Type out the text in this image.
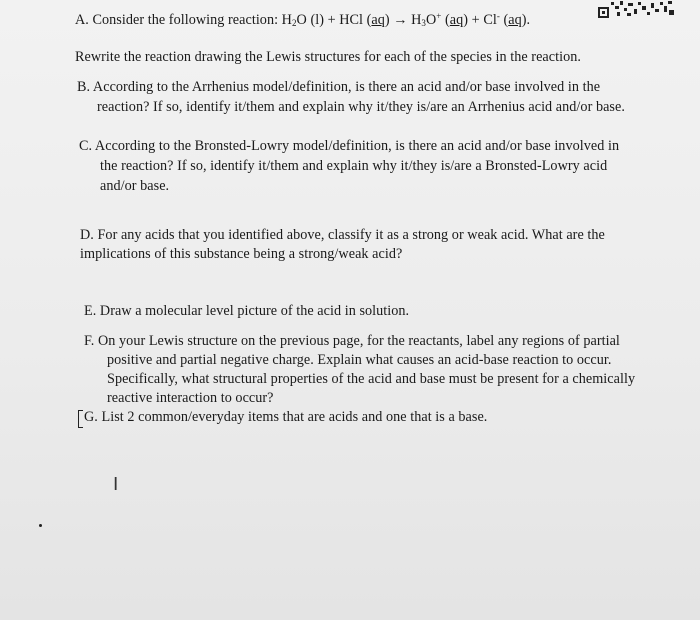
A. Consider the following reaction: $H_2O$ (l) + HCl $(aq) \to H_3O^+$ (aq) + Cl- (aq).
Rewrite the reaction drawing the Lewis structures for each of the species in the reaction.
B. According to the Arrhenius model/definition, is there an acid and/or base involved in the
reaction? If so, identify it/them and explain why it/they is/are an Arrhenius acid and/or base.
C. According to the Bronsted-Lowry model/definition, is there an acid and/or base involved in
the reaction? If so, identify it/them and explain why it/they is/are a Bronsted-Lowry acid
and/or base.
D. For any acids that you identified above, classify it as a strong or weak acid. What are the
implications of this substance being a strong/weak acid?
E. Draw a molecular level picture of the acid in solution.
F. On your Lewis structure on the previous page, for the reactants, label any regions of partial
positive and partial negative charge. Explain what causes an acid-base reaction to occur.
Specifically, what structural properties of the acid and base must be present for a chemically
reactive interaction to occur?
G. List 2 common/everyday items that are acids and one that is a base.
I
